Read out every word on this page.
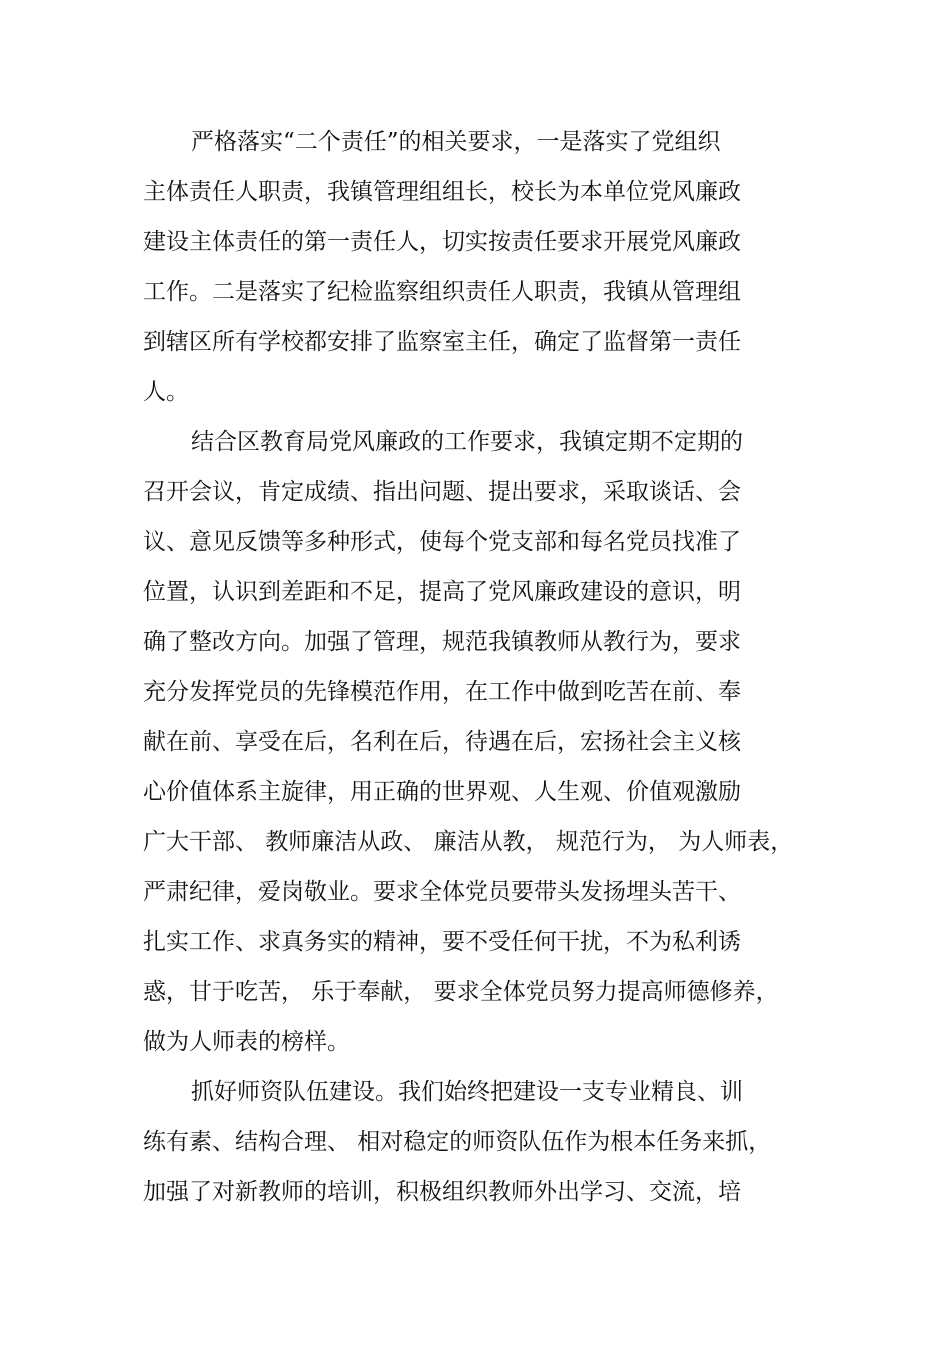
严格落实“二个责任”的相关要求，一是落实了党组织
主体责任人职责，我镇管理组组长，校长为本单位党风廉政
建设主体责任的第一责任人，切实按责任要求开展党风廉政
工作。二是落实了纪检监察组织责任人职责，我镇从管理组
到辖区所有学校都安排了监察室主任，确定了监督第一责任
人。
结合区教育局党风廉政的工作要求，我镇定期不定期的
召开会议，肯定成绩、指出问题、提出要求，采取谈话、会
议、意见反馈等多种形式，使每个党支部和每名党员找准了
位置，认识到差距和不足，提高了党风廉政建设的意识，明
确了整改方向。加强了管理，规范我镇教师从教行为，要求
充分发挥党员的先锋模范作用，在工作中做到吃苦在前、奉
献在前、享受在后，名利在后，待遇在后，宏扬社会主义核
心价值体系主旋律，用正确的世界观、人生观、价值观激励
广大干部、 教师廉洁从政、 廉洁从教， 规范行为， 为人师表，
严肃纪律，爱岗敬业。要求全体党员要带头发扬埋头苦干、
扎实工作、求真务实的精神，要不受任何干扰，不为私利诱
惑，甘于吃苦， 乐于奉献， 要求全体党员努力提高师德修养，
做为人师表的榜样。
抓好师资队伍建设。我们始终把建设一支专业精良、训
练有素、结构合理、 相对稳定的师资队伍作为根本任务来抓，
加强了对新教师的培训，积极组织教师外出学习、交流，培
